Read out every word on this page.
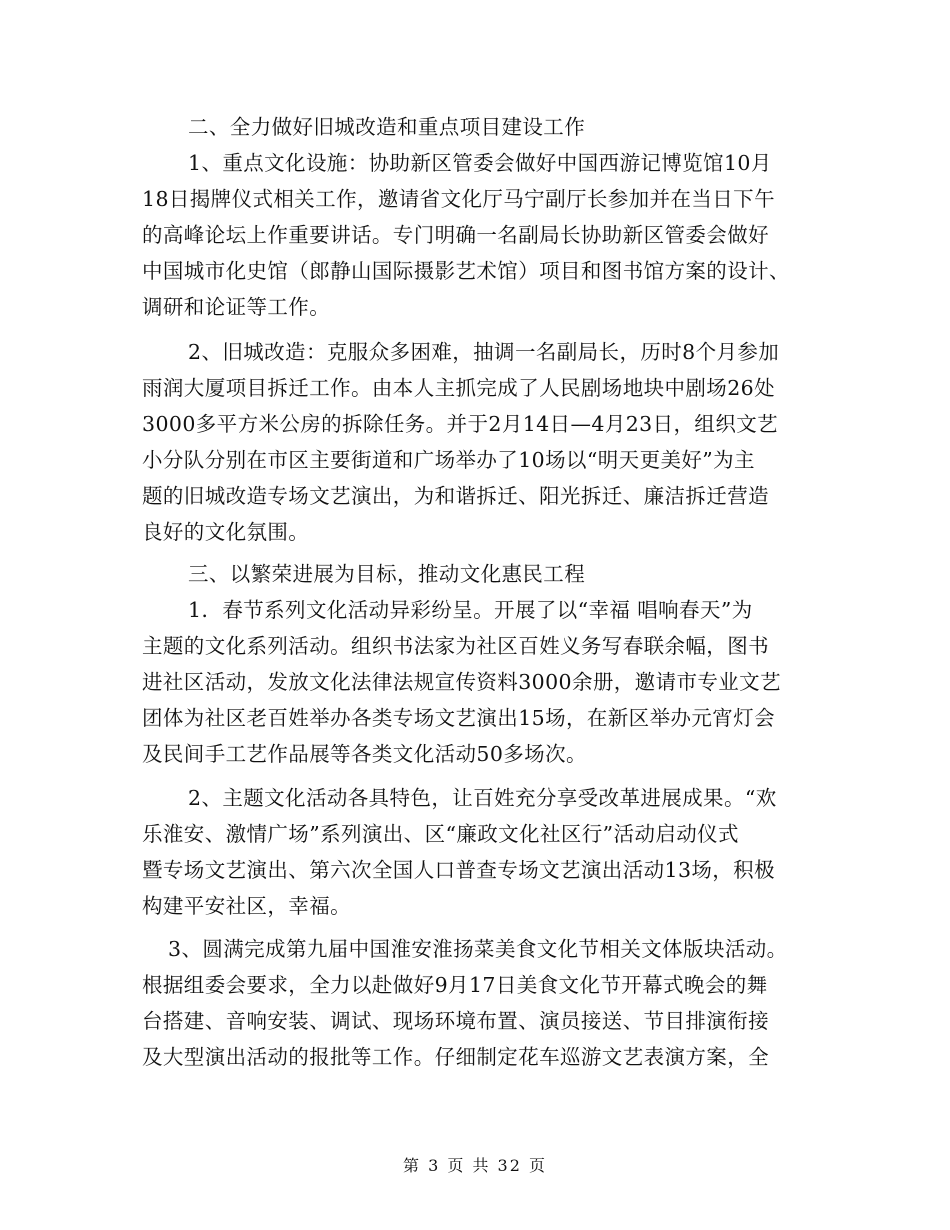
二、全力做好旧城改造和重点项目建设工作
1、重点文化设施：协助新区管委会做好中国西游记博览馆10月
18日揭牌仪式相关工作，邀请省文化厅马宁副厅长参加并在当日下午
的高峰论坛上作重要讲话。专门明确一名副局长协助新区管委会做好
中国城市化史馆（郎静山国际摄影艺术馆）项目和图书馆方案的设计、
调研和论证等工作。
2、旧城改造：克服众多困难，抽调一名副局长，历时8个月参加
雨润大厦项目拆迁工作。由本人主抓完成了人民剧场地块中剧场26处
3000多平方米公房的拆除任务。并于2月14日—4月23日，组织文艺
小分队分别在市区主要街道和广场举办了10场以“明天更美好”为主
题的旧城改造专场文艺演出，为和谐拆迁、阳光拆迁、廉洁拆迁营造
良好的文化氛围。
三、以繁荣进展为目标，推动文化惠民工程
1．春节系列文化活动异彩纷呈。开展了以“幸福 唱响春天”为
主题的文化系列活动。组织书法家为社区百姓义务写春联余幅，图书
进社区活动，发放文化法律法规宣传资料3000余册，邀请市专业文艺
团体为社区老百姓举办各类专场文艺演出15场，在新区举办元宵灯会
及民间手工艺作品展等各类文化活动50多场次。
2、主题文化活动各具特色，让百姓充分享受改革进展成果。“欢
乐淮安、激情广场”系列演出、区“廉政文化社区行”活动启动仪式
暨专场文艺演出、第六次全国人口普查专场文艺演出活动13场，积极
构建平安社区，幸福。
3、圆满完成第九届中国淮安淮扬菜美食文化节相关文体版块活动。
根据组委会要求，全力以赴做好9月17日美食文化节开幕式晚会的舞
台搭建、音响安装、调试、现场环境布置、演员接送、节目排演衔接
及大型演出活动的报批等工作。仔细制定花车巡游文艺表演方案，全
第 3 页 共 32 页
